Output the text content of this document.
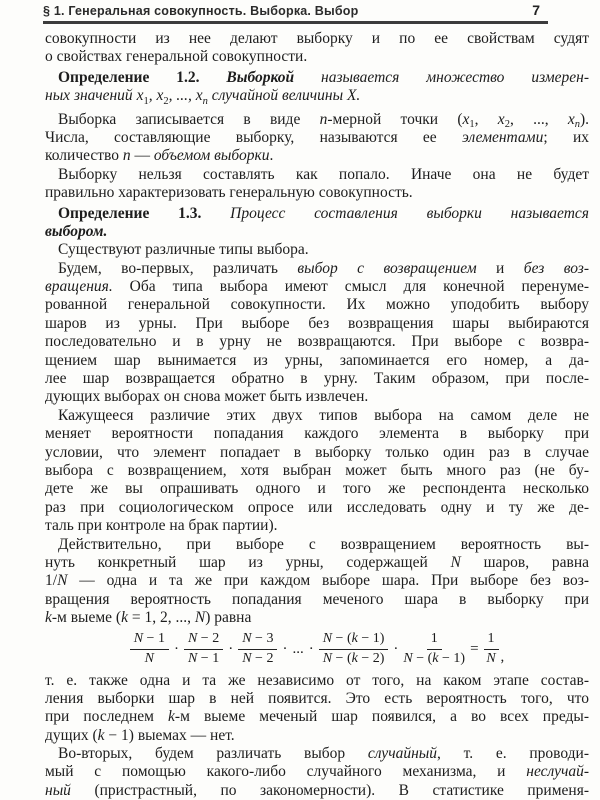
§ 1. Генеральная совокупность. Выборка. Выбор	7
совокупности из нее делают выборку и по ее свойствам судят
о свойствах генеральной совокупности.
Определение 1.2. Выборкой называется множество измерен-
ных значений $x_1$, $x_2$, ..., $x_n$ случайной величины X.
Выборка записывается в виде n-мерной точки ($x_1$, $x_2$, ..., $x_n$).
Числа, составляющие выборку, называются ее элементами; их
количество n — объемом выборки.
Выборку нельзя составлять как попало. Иначе она не будет
правильно характеризовать генеральную совокупность.
Определение 1.3. Процесс составления выборки называется
выбором.
Существуют различные типы выбора.
Будем, во-первых, различать выбор с возвращением и без воз-
вращения. Оба типа выбора имеют смысл для конечной перенуме-
рованной генеральной совокупности. Их можно уподобить выбору
шаров из урны. При выборе без возвращения шары выбираются
последовательно и в урну не возвращаются. При выборе с возвра-
щением шар вынимается из урны, запоминается его номер, а да-
лее шар возвращается обратно в урну. Таким образом, при после-
дующих выборах он снова может быть извлечен.
Кажущееся различие этих двух типов выбора на самом деле не
меняет вероятности попадания каждого элемента в выборку при
условии, что элемент попадает в выборку только один раз в случае
выбора с возвращением, хотя выбран может быть много раз (не бу-
дете же вы опрашивать одного и того же респондента несколько
раз при социологическом опросе или исследовать одну и ту же де-
таль при контроле на брак партии).
Действительно, при выборе с возвращением вероятность вы-
нуть конкретный шар из урны, содержащей N шаров, равна
1/N — одна и та же при каждом выборе шара. При выборе без воз-
вращения вероятность попадания меченого шара в выборку при
k-м выеме (k = 1, 2, ..., N) равна
$\frac{N - 1}{N} \cdot \frac{N - 2}{N - 1} \cdot \frac{N - 3}{N - 2}$ · ... · $\frac{N - (k - 1)}{N - (k - 2)} \cdot \frac{1}{N - (k - 1)} = \frac{1}{N}$ ,
т. е. также одна и та же независимо от того, на каком этапе состав-
ления выборки шар в ней появится. Это есть вероятность того, что
при последнем k-м выеме меченый шар появился, а во всех преды-
дущих (k − 1) выемах — нет.
Во-вторых, будем различать выбор случайный, т. е. проводи-
мый с помощью какого-либо случайного механизма, и неслучай-
ный (пристрастный, по закономерности). В статистике применя-
